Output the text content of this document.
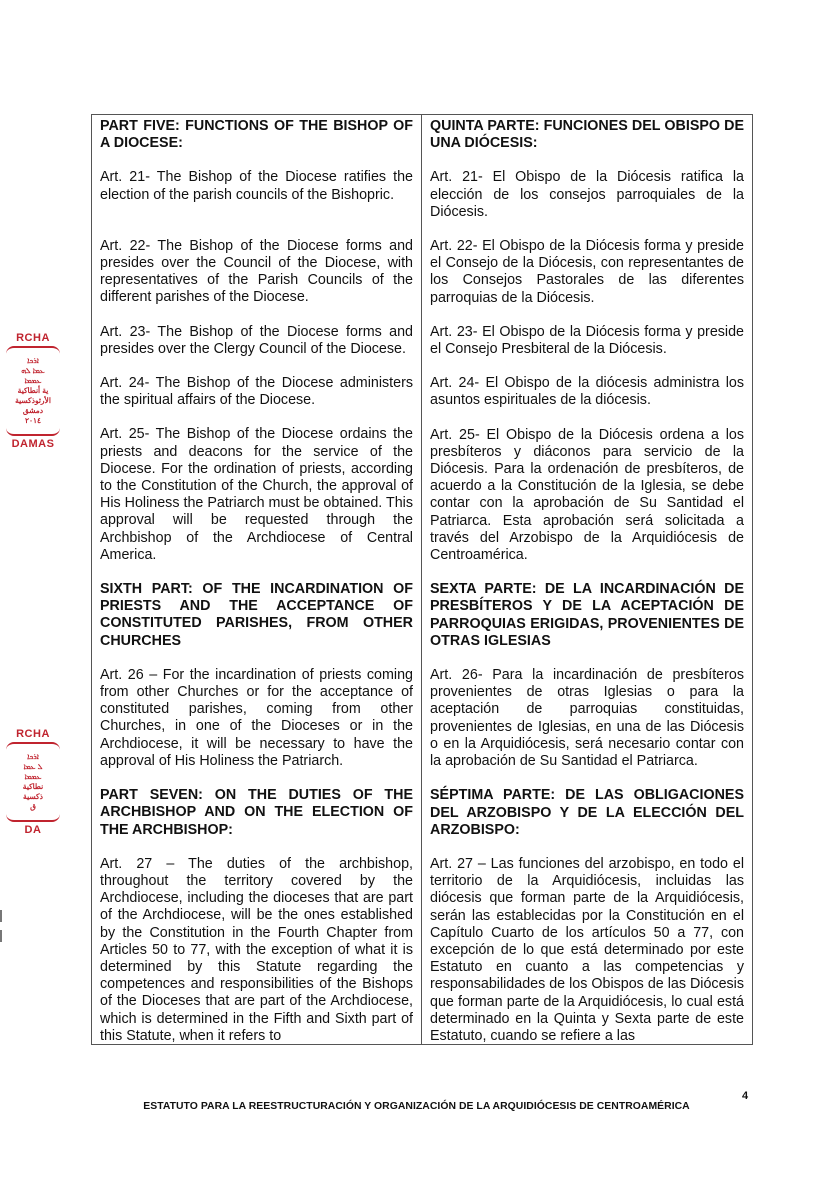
PART FIVE: FUNCTIONS OF THE BISHOP OF A DIOCESE:
Art. 21- The Bishop of the Diocese ratifies the election of the parish councils of the Bishopric.
Art. 22- The Bishop of the Diocese forms and presides over the Council of the Diocese, with representatives of the Parish Councils of the different parishes of the Diocese.
Art. 23- The Bishop of the Diocese forms and presides over the Clergy Council of the Diocese.
Art. 24- The Bishop of the Diocese administers the spiritual affairs of the Diocese.
Art. 25- The Bishop of the Diocese ordains the priests and deacons for the service of the Diocese. For the ordination of priests, according to the Constitution of the Church, the approval of His Holiness the Patriarch must be obtained. This approval will be requested through the Archbishop of the Archdiocese of Central America.
SIXTH PART: OF THE INCARDINATION OF PRIESTS AND THE ACCEPTANCE OF CONSTITUTED PARISHES, FROM OTHER CHURCHES
Art. 26 – For the incardination of priests coming from other Churches or for the acceptance of constituted parishes, coming from other Churches, in one of the Dioceses or in the Archdiocese, it will be necessary to have the approval of His Holiness the Patriarch.
PART SEVEN: ON THE DUTIES OF THE ARCHBISHOP AND ON THE ELECTION OF THE ARCHBISHOP:
Art. 27 – The duties of the archbishop, throughout the territory covered by the Archdiocese, including the dioceses that are part of the Archdiocese, will be the ones established by the Constitution in the Fourth Chapter from Articles 50 to 77, with the exception of what it is determined by this Statute regarding the competences and responsibilities of the Bishops of the Dioceses that are part of the Archdiocese, which is determined in the Fifth and Sixth part of this Statute, when it refers to
QUINTA PARTE: FUNCIONES DEL OBISPO DE UNA DIÓCESIS:
Art. 21- El Obispo de la Diócesis ratifica la elección de los consejos parroquiales de la Diócesis.
Art. 22- El Obispo de la Diócesis forma y preside el Consejo de la Diócesis, con representantes de los Consejos Pastorales de las diferentes parroquias de la Diócesis.
Art. 23- El Obispo de la Diócesis forma y preside el Consejo Presbiteral de la Diócesis.
Art. 24- El Obispo de la diócesis administra los asuntos espirituales de la diócesis.
Art. 25- El Obispo de la Diócesis ordena a los presbíteros y diáconos para servicio de la Diócesis. Para la ordenación de presbíteros, de acuerdo a la Constitución de la Iglesia, se debe contar con la aprobación de Su Santidad el Patriarca. Esta aprobación será solicitada a través del Arzobispo de la Arquidiócesis de Centroamérica.
SEXTA PARTE: DE LA INCARDINACIÓN DE PRESBÍTEROS Y DE LA ACEPTACIÓN DE PARROQUIAS ERIGIDAS, PROVENIENTES DE OTRAS IGLESIAS
Art. 26- Para la incardinación de presbíteros provenientes de otras Iglesias o para la aceptación de parroquias constituidas, provenientes de Iglesias, en una de las Diócesis o en la Arquidiócesis, será necesario contar con la aprobación de Su Santidad el Patriarca.
SÉPTIMA PARTE: DE LAS OBLIGACIONES DEL ARZOBISPO Y DE LA ELECCIÓN DEL ARZOBISPO:
Art. 27 – Las funciones del arzobispo, en todo el territorio de la Arquidiócesis, incluidas las diócesis que forman parte de la Arquidiócesis, serán las establecidas por la Constitución en el Capítulo Cuarto de los artículos 50 a 77, con excepción de lo que está determinado por este Estatuto en cuanto a las competencias y responsabilidades de los Obispos de las Diócesis que forman parte de la Arquidiócesis, lo cual está determinado en la Quinta y Sexta parte de este Estatuto, cuando se refiere a las
RCHA
ܐܪܟܐ
ܥܡܐ ܠܗ
ܥܡܡܐ
ية أنطاكية
الأرثوذكسية
دمشق
٢٠١٤
DAMAS
RCHA
ܐܪܟܐ
ܠ ܥܡܐ
ܥܡܡܐ
نطاكية
ذكسية
ق
DA
4
ESTATUTO PARA LA REESTRUCTURACIÓN Y ORGANIZACIÓN DE LA ARQUIDIÓCESIS DE CENTROAMÉRICA
